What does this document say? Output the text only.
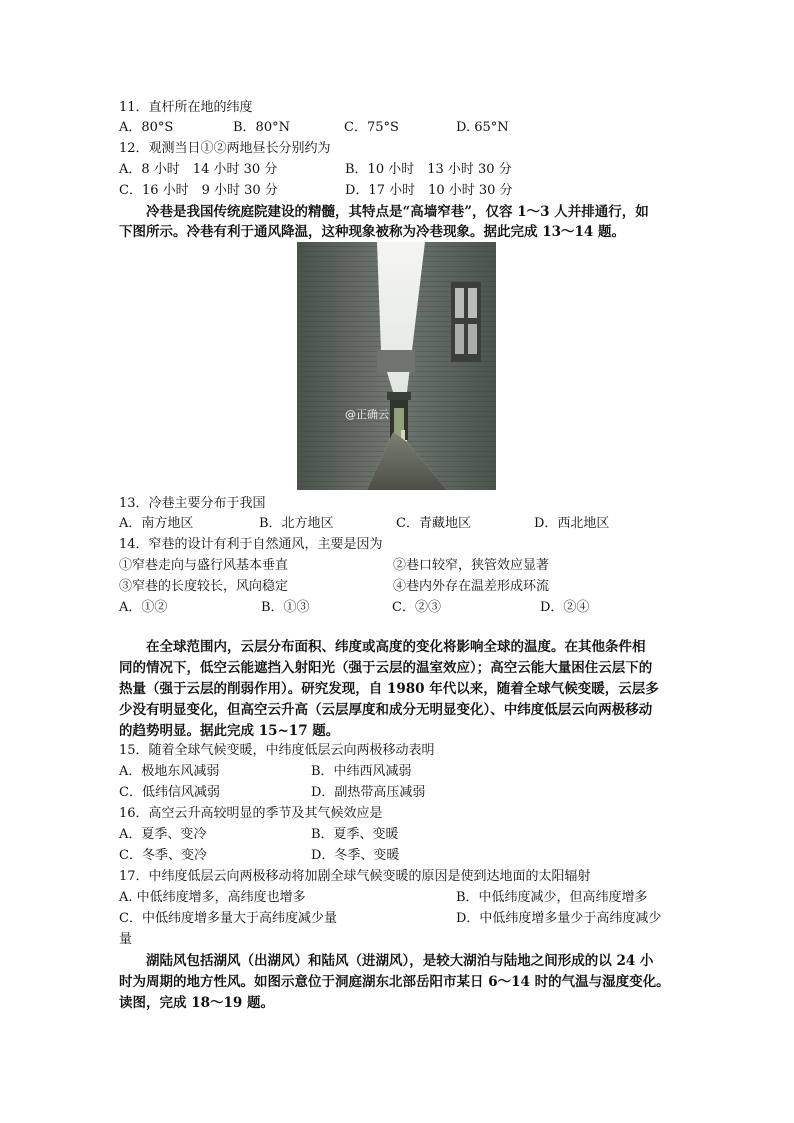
11．直杆所在地的纬度
A．80°S	B．80°N	C．75°S	D. 65°N
12．观测当日①②两地昼长分别约为
A．8 小时　14 小时 30 分	B．10 小时　13 小时 30 分
C．16 小时　9 小时 30 分	D．17 小时　10 小时 30 分
冷巷是我国传统庭院建设的精髓，其特点是“高墙窄巷”，仅容 1～3 人并排通行，如
下图所示。冷巷有利于通风降温，这种现象被称为冷巷现象。据此完成 13～14 题。
@正确云
13．冷巷主要分布于我国
A．南方地区	B．北方地区	C．青藏地区	D．西北地区
14．窄巷的设计有利于自然通风，主要是因为
①窄巷走向与盛行风基本垂直	②巷口较窄，狭管效应显著
③窄巷的长度较长，风向稳定	④巷内外存在温差形成环流
A．①②	B．①③	C．②③	D．②④
在全球范围内，云层分布面积、纬度或高度的变化将影响全球的温度。在其他条件相
同的情况下，低空云能遮挡入射阳光（强于云层的温室效应）；高空云能大量困住云层下的
热量（强于云层的削弱作用）。研究发现，自 1980 年代以来，随着全球气候变暖，云层多
少没有明显变化，但高空云升高（云层厚度和成分无明显变化）、中纬度低层云向两极移动
的趋势明显。据此完成 15~17 题。
15．随着全球气候变暖，中纬度低层云向两极移动表明
A．极地东风减弱	B．中纬西风减弱
C．低纬信风减弱	D．副热带高压减弱
16．高空云升高较明显的季节及其气候效应是
A．夏季、变冷	B．夏季、变暖
C．冬季、变冷	D．冬季、变暖
17．中纬度低层云向两极移动将加剧全球气候变暖的原因是使到达地面的太阳辐射
A. 中低纬度增多，高纬度也增多	B．中低纬度减少，但高纬度增多
C．中低纬度增多量大于高纬度减少量	D．中低纬度增多量少于高纬度减少
量
湖陆风包括湖风（出湖风）和陆风（进湖风），是较大湖泊与陆地之间形成的以 24 小
时为周期的地方性风。如图示意位于洞庭湖东北部岳阳市某日 6～14 时的气温与湿度变化。
读图，完成 18～19 题。
